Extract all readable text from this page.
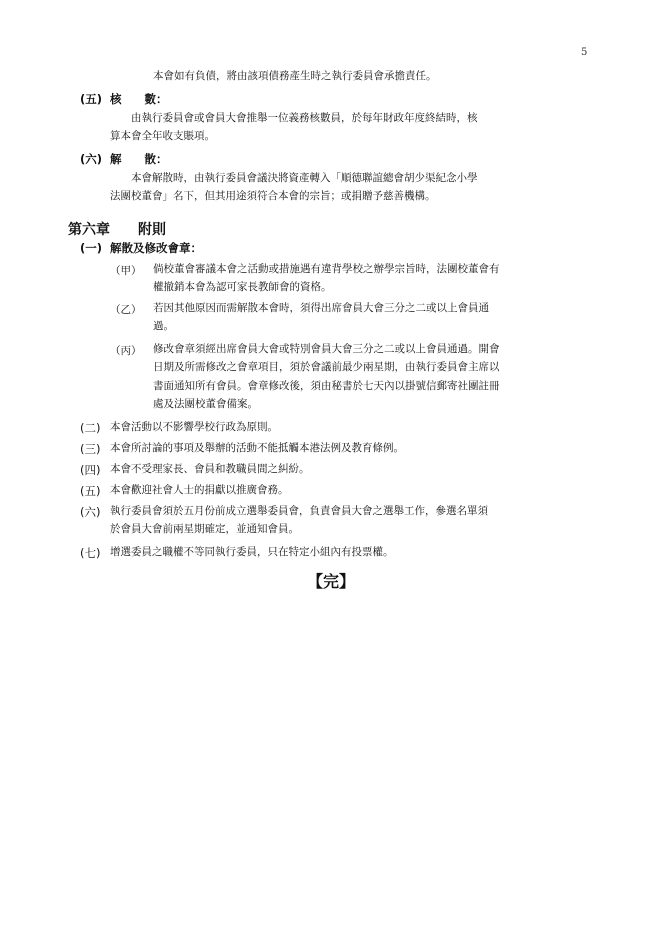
5
本會如有負債，將由該項債務產生時之執行委員會承擔責任。
(五) 核　　數：
由執行委員會或會員大會推舉一位義務核數員，於每年財政年度終結時，核
算本會全年收支賬項。
(六) 解　　散：
本會解散時，由執行委員會議決將資產轉入「順德聯誼總會胡少渠紀念小學
法團校董會」名下，但其用途須符合本會的宗旨；或捐贈予慈善機構。
第六章　　附則
(一) 解散及修改會章：
（甲） 倘校董會審議本會之活動或措施遇有違背學校之辦學宗旨時，法團校董會有
權撤銷本會為認可家長教師會的資格。
（乙） 若因其他原因而需解散本會時，須得出席會員大會三分之二或以上會員通
過。
（丙） 修改會章須經出席會員大會或特別會員大會三分之二或以上會員通過。開會
日期及所需修改之會章項目，須於會議前最少兩星期，由執行委員會主席以
書面通知所有會員。會章修改後，須由秘書於七天內以掛號信郵寄社團註冊
處及法團校董會備案。
(二) 本會活動以不影響學校行政為原則。
(三) 本會所討論的事項及舉辦的活動不能抵觸本港法例及教育條例。
(四) 本會不受理家長、會員和教職員間之糾紛。
(五) 本會歡迎社會人士的捐獻以推廣會務。
(六) 執行委員會須於五月份前成立選舉委員會，負責會員大會之選舉工作，參選名單須
於會員大會前兩星期確定，並通知會員。
(七) 增選委員之職權不等同執行委員，只在特定小組內有投票權。
【完】
